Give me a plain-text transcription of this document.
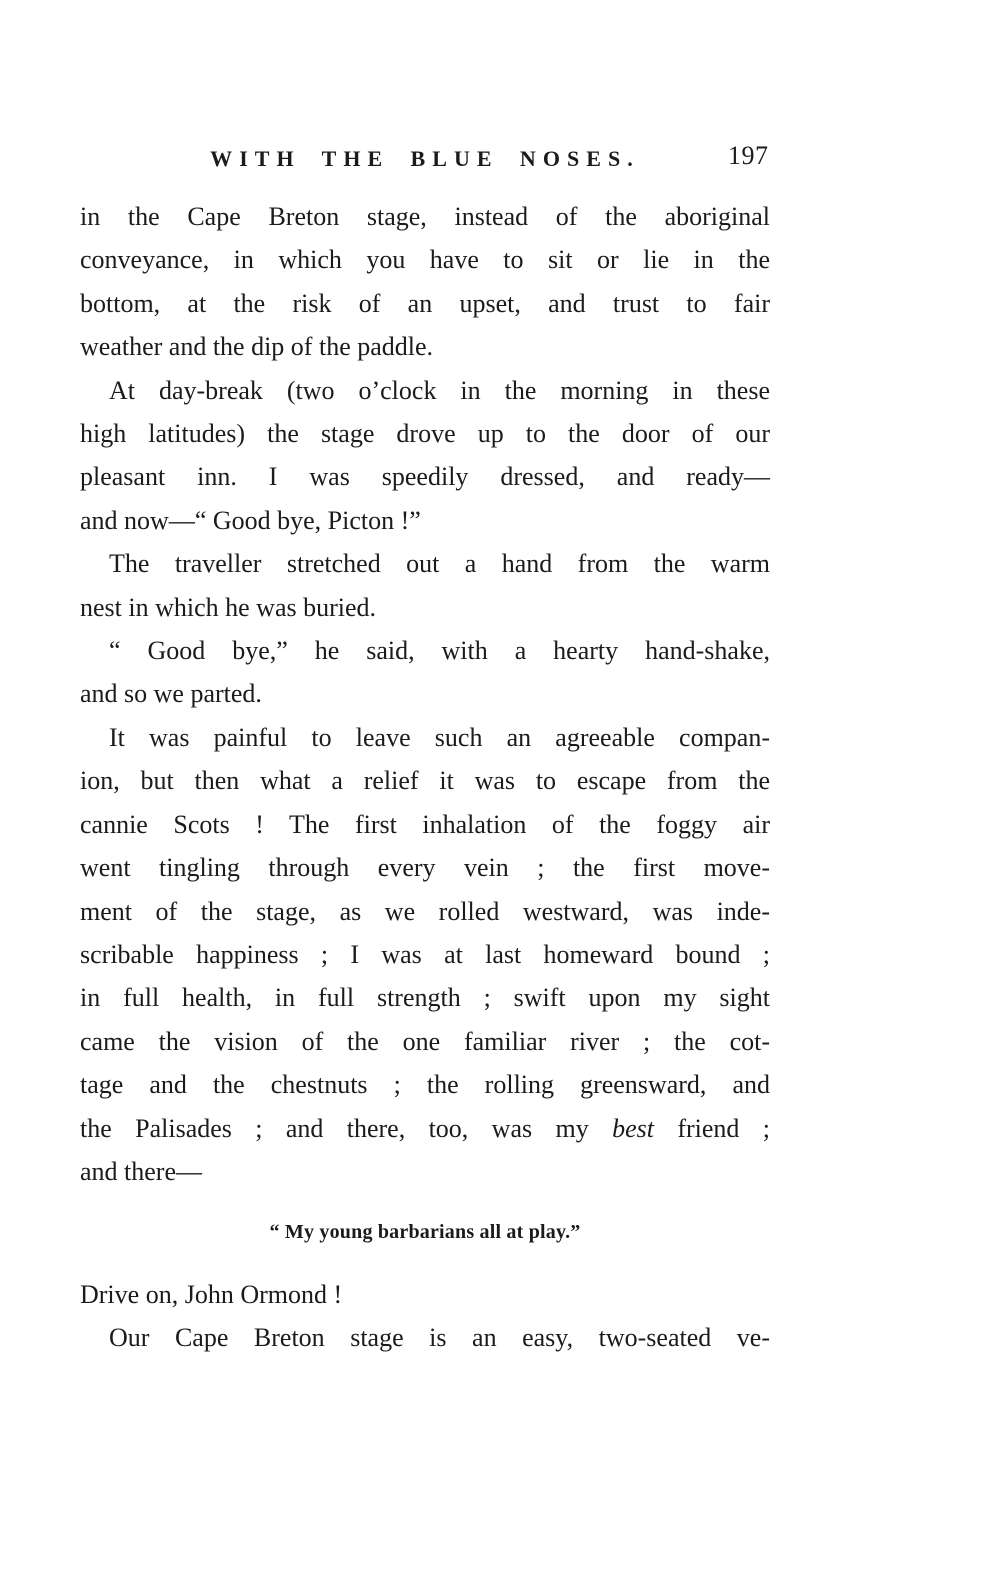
WITH THE BLUE NOSES.	197
in the Cape Breton stage, instead of the aboriginal
conveyance, in which you have to sit or lie in the
bottom, at the risk of an upset, and trust to fair
weather and the dip of the paddle.
At day-break (two o’clock in the morning in these
high latitudes) the stage drove up to the door of our
pleasant inn. I was speedily dressed, and ready—
and now—“ Good bye, Picton !”
The traveller stretched out a hand from the warm
nest in which he was buried.
“ Good bye,” he said, with a hearty hand-shake,
and so we parted.
It was painful to leave such an agreeable compan-
ion, but then what a relief it was to escape from the
cannie Scots ! The first inhalation of the foggy air
went tingling through every vein ; the first move-
ment of the stage, as we rolled westward, was inde-
scribable happiness ; I was at last homeward bound ;
in full health, in full strength ; swift upon my sight
came the vision of the one familiar river ; the cot-
tage and the chestnuts ; the rolling greensward, and
the Palisades ; and there, too, was my best friend ;
and there—
“ My young barbarians all at play.”
Drive on, John Ormond !
Our Cape Breton stage is an easy, two-seated ve-
